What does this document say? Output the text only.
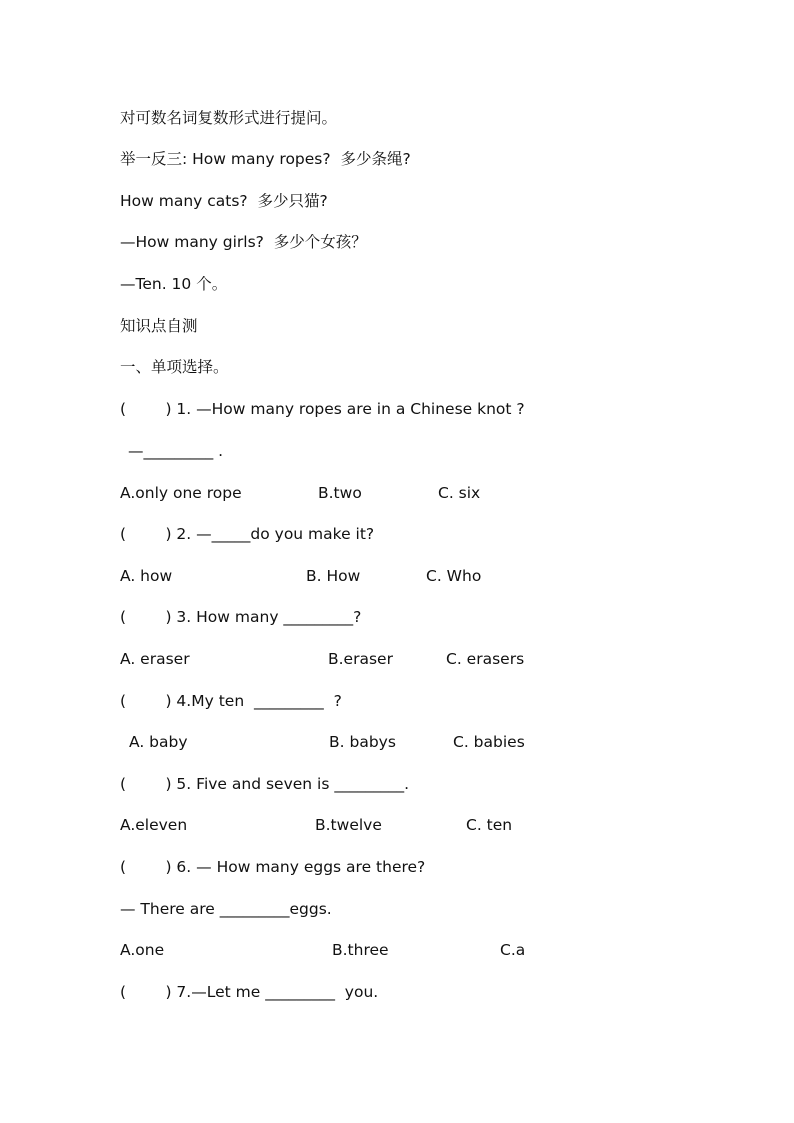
对可数名词复数形式进行提问。
举一反三: How many ropes?  多少条绳?
How many cats?  多少只猫?
—How many girls?  多少个女孩？
—Ten. 10 个。
知识点自测
一、单项选择。
(        ) 1. —How many ropes are in a Chinese knot ?
—_________ .
A.only one rope	B.two	C. six
(        ) 2. —_____do you make it?
A. how	B. How	C. Who
(        ) 3. How many _________?
A. eraser	B.eraser	C. erasers
(        ) 4.My ten  _________  ?
A. baby	B. babys	C. babies
(        ) 5. Five and seven is _________.
A.eleven	B.twelve	C. ten
(        ) 6. — How many eggs are there?
— There are _________eggs.
A.one	B.three	C.a
(        ) 7.—Let me _________  you.
